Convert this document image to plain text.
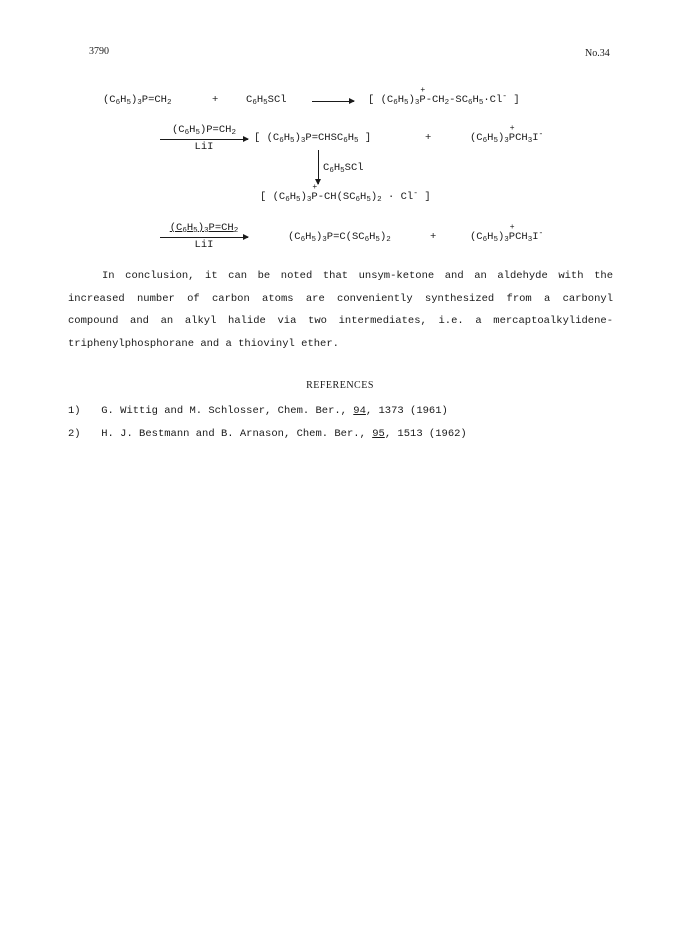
3790	No.34
$(C_6H_5)_3P=CH_2$	+	$C_6H_5SCl$ → [ $(C_6H_5)_3$
+
$P-CH_2-SC_6H_5\cdot Cl^-$ ]
$(C_6H_5)P=CH_2$
LiI
[ $(C_6H_5)_3P=CHSC_6H_5$ ]	+	$(C_6H_5)_3$
+
$PCH_3I^-$
$C_6H_5SCl$
[ $(C_6H_5)_3$
+
$P-CH(SC_6H_5)_2 \cdot Cl^-$ ]
$(C_6H_5)_3P=CH_2$
LiI
$(C_6H_5)_3P=C(SC_6H_5)_2$	+	$(C_6H_5)_3$
+
$PCH_3I^-$
In conclusion, it can be noted that unsym-ketone and an aldehyde with the
increased number of carbon atoms are conveniently synthesized from a carbonyl
compound and an alkyl halide via two intermediates, i.e. a mercaptoalkylidene-
triphenylphosphorane and a thiovinyl ether.
REFERENCES
1) G. Wittig and M. Schlosser, Chem. Ber., 94, 1373 (1961)
2) H. J. Bestmann and B. Arnason, Chem. Ber., 95, 1513 (1962)
